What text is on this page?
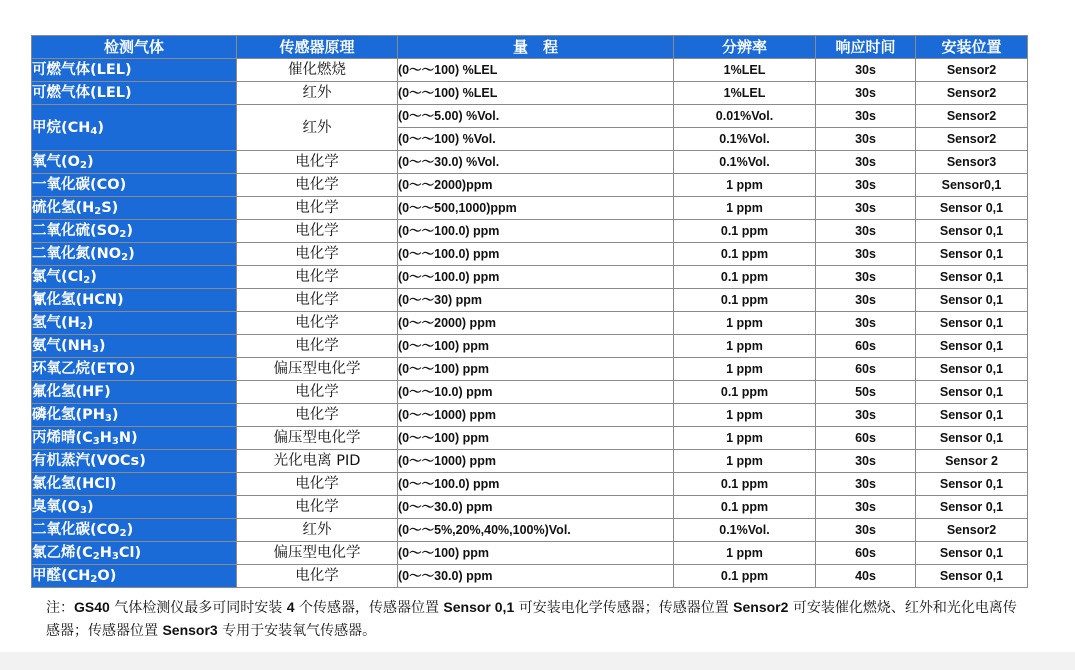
检测气体	传感器原理	量　程	分辨率	响应时间	安装位置
可燃气体(LEL)	催化燃烧	(0～～100) %LEL	1%LEL	30s	Sensor2
可燃气体(LEL)	红外	(0～～100) %LEL	1%LEL	30s	Sensor2
甲烷$(CH_4)$	红外	(0～～5.00) %Vol.	0.01%Vol.	30s	Sensor2
		(0～～100) %Vol.	0.1%Vol.	30s	Sensor2
氧气$(O_2)$	电化学	(0～～30.0) %Vol.	0.1%Vol.	30s	Sensor3
一氧化碳(CO)	电化学	(0～～2000)ppm	1 ppm	30s	Sensor0,1
硫化氢$(H_2S)$	电化学	(0～～500,1000)ppm	1 ppm	30s	Sensor 0,1
二氧化硫$(SO_2)$	电化学	(0～～100.0) ppm	0.1 ppm	30s	Sensor 0,1
二氧化氮$(NO_2)$	电化学	(0～～100.0) ppm	0.1 ppm	30s	Sensor 0,1
氯气$(Cl_2)$	电化学	(0～～100.0) ppm	0.1 ppm	30s	Sensor 0,1
氰化氢(HCN)	电化学	(0～～30) ppm	0.1 ppm	30s	Sensor 0,1
氢气$(H_2)$	电化学	(0～～2000) ppm	1 ppm	30s	Sensor 0,1
氨气$(NH_3)$	电化学	(0～～100) ppm	1 ppm	60s	Sensor 0,1
环氧乙烷(ETO)	偏压型电化学	(0～～100) ppm	1 ppm	60s	Sensor 0,1
氟化氢(HF)	电化学	(0～～10.0) ppm	0.1 ppm	50s	Sensor 0,1
磷化氢$(PH_3)$	电化学	(0～～1000) ppm	1 ppm	30s	Sensor 0,1
丙烯晴$(C_3H_3N)$	偏压型电化学	(0～～100) ppm	1 ppm	60s	Sensor 0,1
有机蒸汽(VOCs)	光化电离 PID	(0～～1000) ppm	1 ppm	30s	Sensor 2
氯化氢(HCl)	电化学	(0～～100.0) ppm	0.1 ppm	30s	Sensor 0,1
臭氧$(O_3)$	电化学	(0～～30.0) ppm	0.1 ppm	30s	Sensor 0,1
二氧化碳$(CO_2)$	红外	(0～～5%,20%,40%,100%)Vol.	0.1%Vol.	30s	Sensor2
氯乙烯$(C_2H_3Cl)$	偏压型电化学	(0～～100) ppm	1 ppm	60s	Sensor 0,1
甲醛$(CH_2O)$	电化学	(0～～30.0) ppm	0.1 ppm	40s	Sensor 0,1
注：GS40 气体检测仪最多可同时安装 4 个传感器，传感器位置 Sensor 0,1 可安装电化学传感器；传感器位置 Sensor2 可安装催化燃烧、红外和光化电离传感器；传感器位置 Sensor3 专用于安装氧气传感器。
